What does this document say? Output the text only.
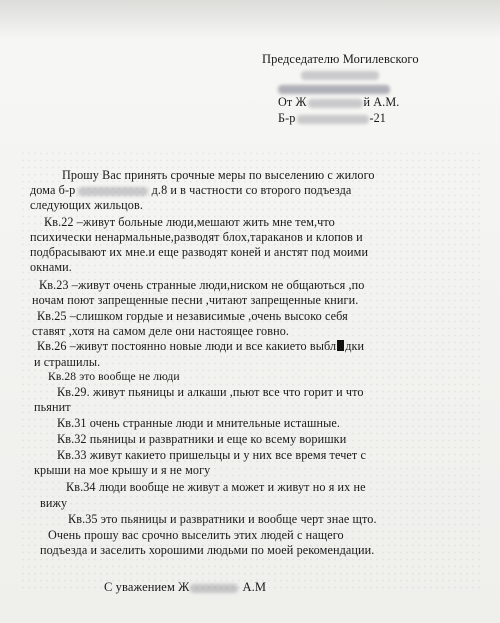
Председателю Могилевского
От Ж	й А.М.
Б-р	-21
Прошу Вас принять срочные меры по выселению с жилого
дома б-р	д.8 и в частности со второго подъезда
следующих жильцов.
Кв.22 –живут больные люди,мешают жить мне тем,что
психически ненармальные,разводят блох,тараканов и клопов и
подбрасывают их мне.и еще разводят коней и анстят под моими
окнами.
Кв.23 –живут очень странные люди,ниском не общаються ,по
ночам поют запрещенные песни ,читают запрещенные книги.
Кв.25 –слишком гордые и независимые ,очень высоко себя
ставят ,хотя на самом деле они настоящее говно.
Кв.26 –живут постоянно новые люди и все какието выбл дки
и страшилы.
Кв.28 это вообще не люди
Кв.29. живут пьяницы и алкаши ,пьют все что горит и что
пьянит
Кв.31 очень странные люди и мнительные исташные.
Кв.32 пьяницы и развратники и еще ко всему воришки
Кв.33 живут какието пришельцы и у них все время течет с
крыши на мое крышу и я не могу
Кв.34 люди вообще не живут а может и живут но я их не
вижу
Кв.35 это пьяницы и развратники и вообще черт знае щто.
Очень прошу вас срочно выселить этих людей с нащего
подъезда и заселить хорошими людьми по моей рекомендации.
С уважением Ж	А.М
